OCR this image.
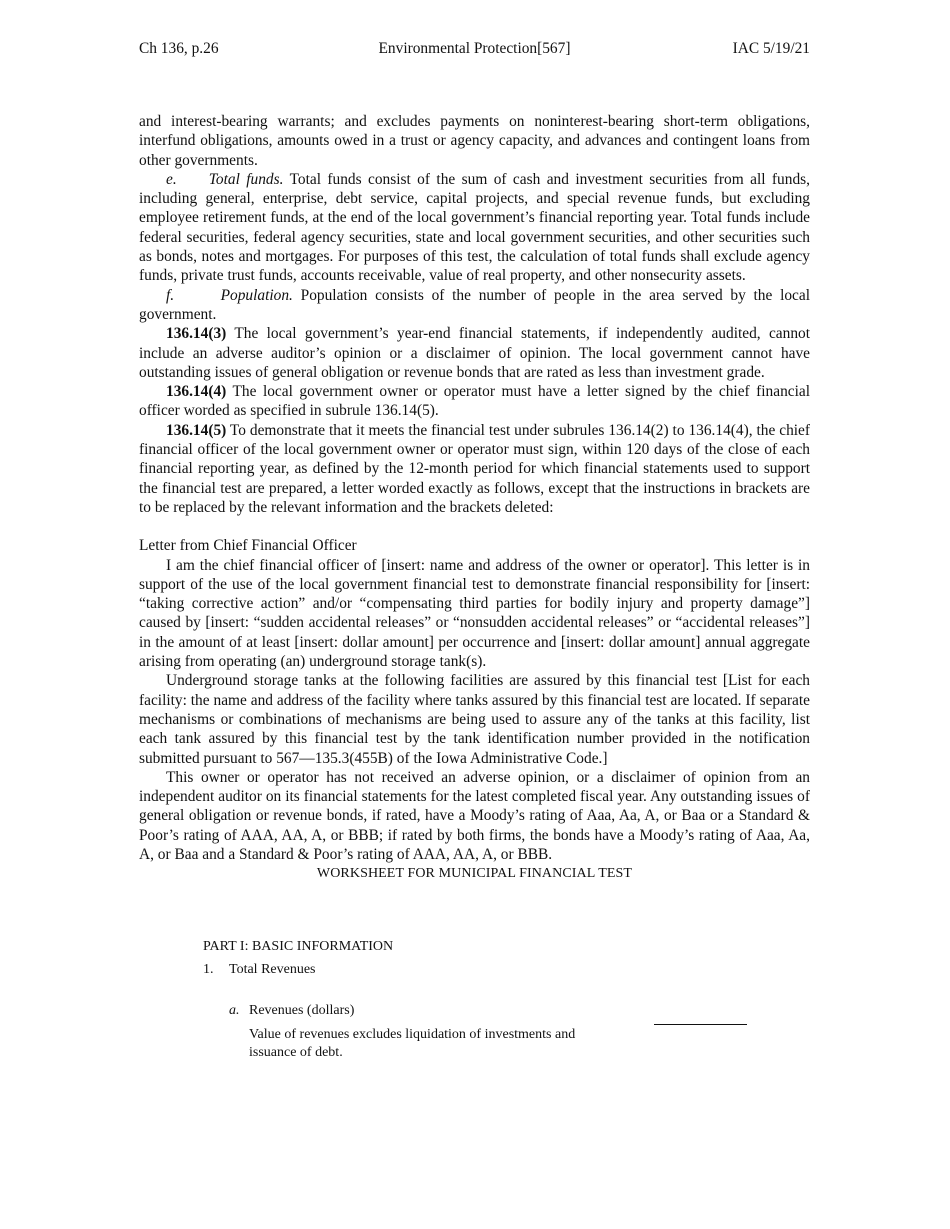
Ch 136, p.26	Environmental Protection[567]	IAC 5/19/21

and interest-bearing warrants; and excludes payments on noninterest-bearing short-term obligations, interfund obligations, amounts owed in a trust or agency capacity, and advances and contingent loans from other governments.

e. Total funds. Total funds consist of the sum of cash and investment securities from all funds, including general, enterprise, debt service, capital projects, and special revenue funds, but excluding employee retirement funds, at the end of the local government’s financial reporting year. Total funds include federal securities, federal agency securities, state and local government securities, and other securities such as bonds, notes and mortgages. For purposes of this test, the calculation of total funds shall exclude agency funds, private trust funds, accounts receivable, value of real property, and other nonsecurity assets.

f.	Population. Population consists of the number of people in the area served by the local government.

136.14(3) The local government’s year-end financial statements, if independently audited, cannot include an adverse auditor’s opinion or a disclaimer of opinion. The local government cannot have outstanding issues of general obligation or revenue bonds that are rated as less than investment grade.

136.14(4) The local government owner or operator must have a letter signed by the chief financial officer worded as specified in subrule 136.14(5).

136.14(5) To demonstrate that it meets the financial test under subrules 136.14(2) to 136.14(4), the chief financial officer of the local government owner or operator must sign, within 120 days of the close of each financial reporting year, as defined by the 12-month period for which financial statements used to support the financial test are prepared, a letter worded exactly as follows, except that the instructions in brackets are to be replaced by the relevant information and the brackets deleted:

Letter from Chief Financial Officer

I am the chief financial officer of [insert: name and address of the owner or operator]. This letter is in support of the use of the local government financial test to demonstrate financial responsibility for [insert: “taking corrective action” and/or “compensating third parties for bodily injury and property damage”] caused by [insert: “sudden accidental releases” or “nonsudden accidental releases” or “accidental releases”] in the amount of at least [insert: dollar amount] per occurrence and [insert: dollar amount] annual aggregate arising from operating (an) underground storage tank(s).

Underground storage tanks at the following facilities are assured by this financial test [List for each facility: the name and address of the facility where tanks assured by this financial test are located. If separate mechanisms or combinations of mechanisms are being used to assure any of the tanks at this facility, list each tank assured by this financial test by the tank identification number provided in the notification submitted pursuant to 567—135.3(455B) of the Iowa Administrative Code.]

This owner or operator has not received an adverse opinion, or a disclaimer of opinion from an independent auditor on its financial statements for the latest completed fiscal year. Any outstanding issues of general obligation or revenue bonds, if rated, have a Moody’s rating of Aaa, Aa, A, or Baa or a Standard & Poor’s rating of AAA, AA, A, or BBB; if rated by both firms, the bonds have a Moody’s rating of Aaa, Aa, A, or Baa and a Standard & Poor’s rating of AAA, AA, A, or BBB.

WORKSHEET FOR MUNICIPAL FINANCIAL TEST

PART I: BASIC INFORMATION
1. Total Revenues
a. Revenues (dollars)
Value of revenues excludes liquidation of investments and issuance of debt.
